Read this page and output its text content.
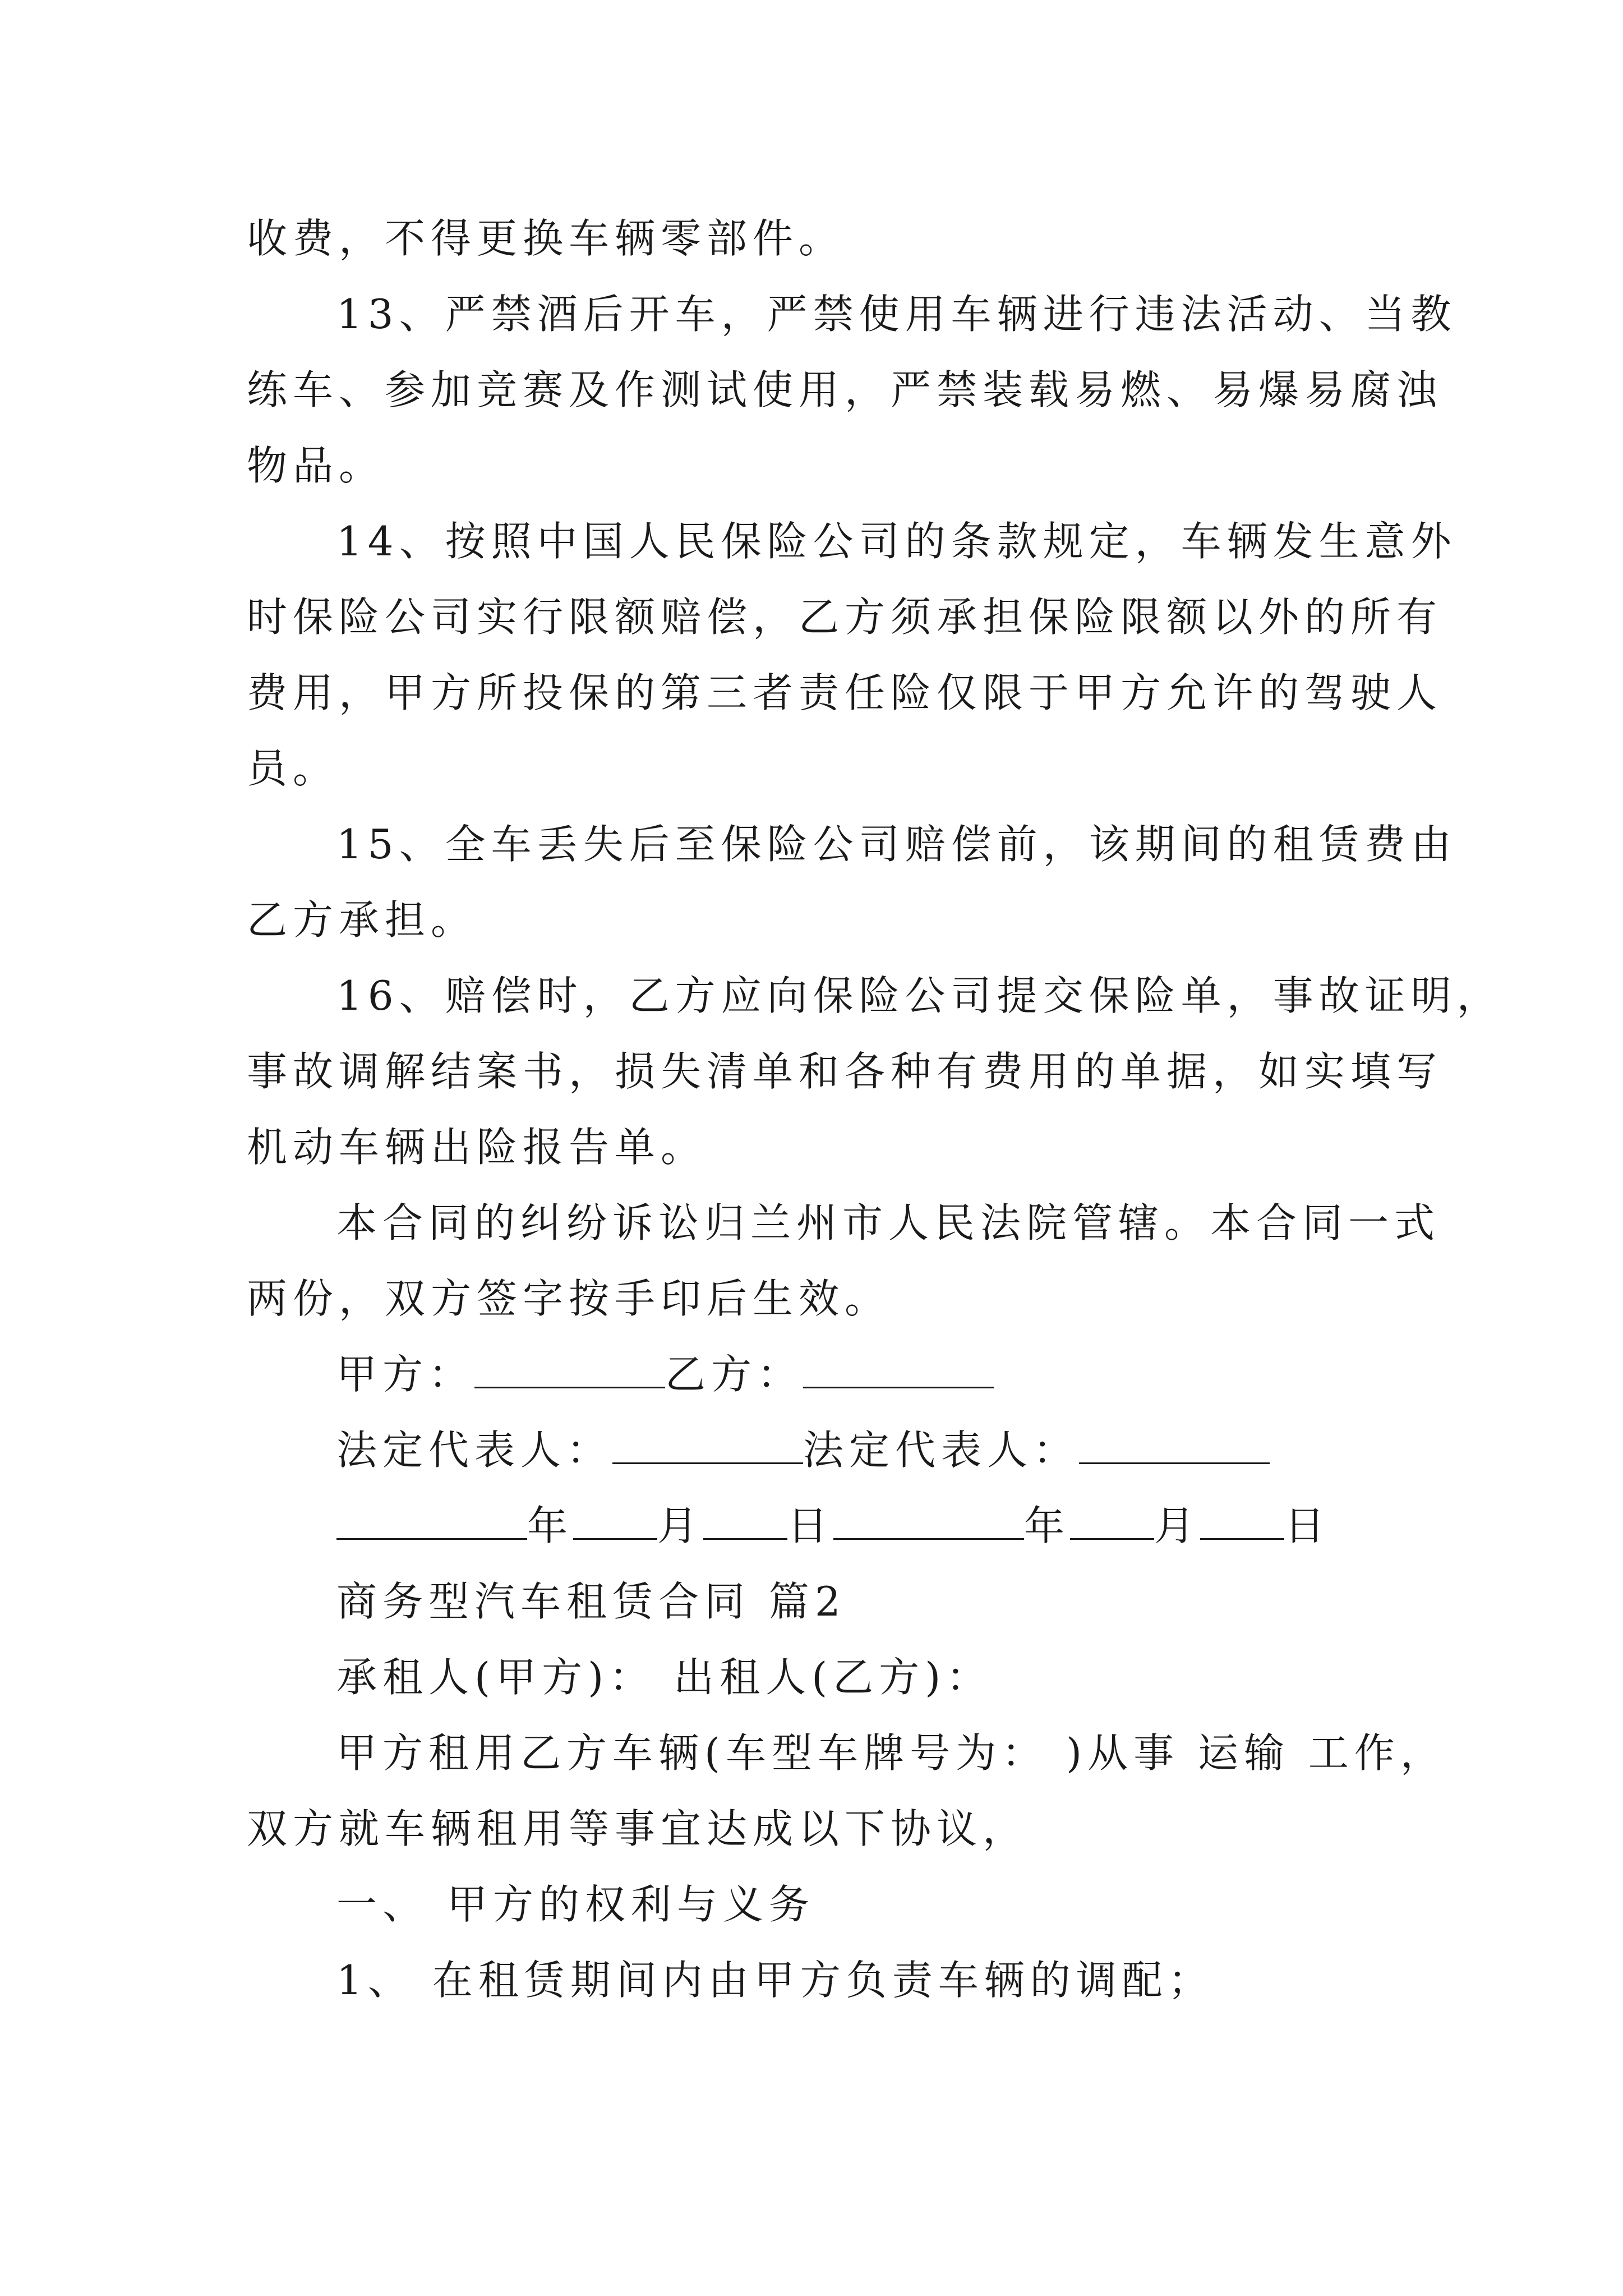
收费，不得更换车辆零部件。
13、严禁酒后开车，严禁使用车辆进行违法活动、当教
练车、参加竞赛及作测试使用，严禁装载易燃、易爆易腐浊
物品。
14、按照中国人民保险公司的条款规定，车辆发生意外
时保险公司实行限额赔偿，乙方须承担保险限额以外的所有
费用，甲方所投保的第三者责任险仅限于甲方允许的驾驶人
员。
15、全车丢失后至保险公司赔偿前，该期间的租赁费由
乙方承担。
16、赔偿时，乙方应向保险公司提交保险单，事故证明，
事故调解结案书，损失清单和各种有费用的单据，如实填写
机动车辆出险报告单。
本合同的纠纷诉讼归兰州市人民法院管辖。本合同一式
两份，双方签字按手印后生效。
甲方：	乙方：
法定代表人：	法定代表人：
年 月 日	年 月 日
商务型汽车租赁合同 篇2
承租人(甲方)： 出租人(乙方)：
甲方租用乙方车辆(车型车牌号为： )从事 运输 工作，
双方就车辆租用等事宜达成以下协议，
一、 甲方的权利与义务
1、 在租赁期间内由甲方负责车辆的调配；
